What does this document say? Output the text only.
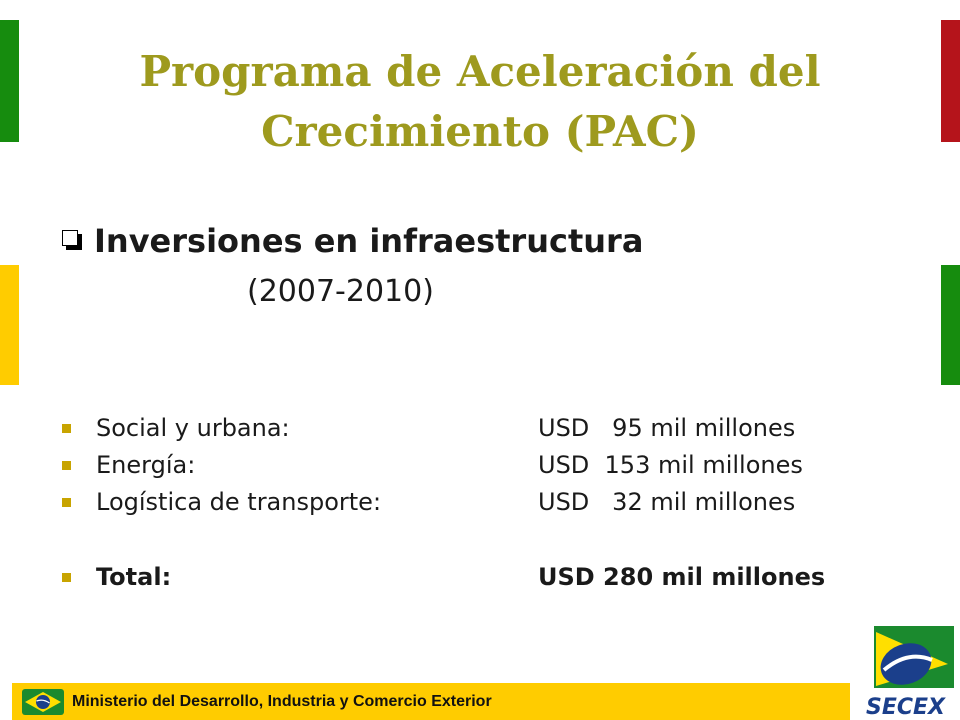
Programa de Aceleración del
Crecimiento (PAC)
Inversiones en infraestructura
(2007-2010)

Social y urbana:

	USD   95 mil millones

Energía:

	USD  153 mil millones

Logística de transporte:

	USD   32 mil millones

Total:

	USD 280 mil millones

Ministerio del Desarrollo, Industria y Comercio Exterior	SECEX
